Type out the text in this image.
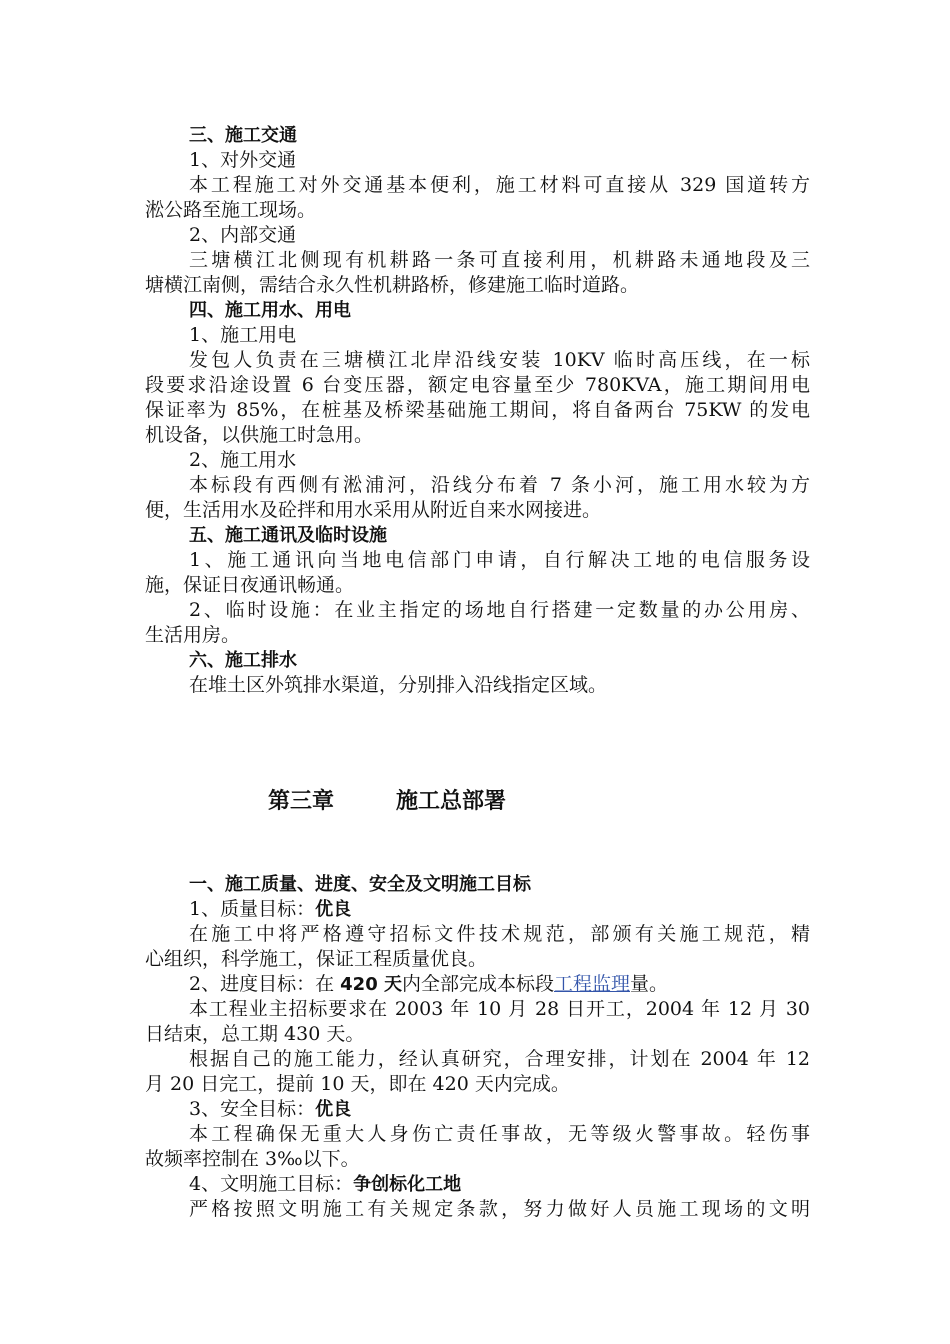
三、施工交通
1、对外交通
本工程施工对外交通基本便利，施工材料可直接从 329 国道转方
淞公路至施工现场。
2、内部交通
三塘横江北侧现有机耕路一条可直接利用，机耕路未通地段及三
塘横江南侧，需结合永久性机耕路桥，修建施工临时道路。
四、施工用水、用电
1、施工用电
发包人负责在三塘横江北岸沿线安装 10KV 临时高压线，在一标
段要求沿途设置 6 台变压器，额定电容量至少 780KVA，施工期间用电
保证率为 85%，在桩基及桥梁基础施工期间，将自备两台 75KW 的发电
机设备，以供施工时急用。
2、施工用水
本标段有西侧有淞浦河，沿线分布着 7 条小河，施工用水较为方
便，生活用水及砼拌和用水采用从附近自来水网接进。
五、施工通讯及临时设施
1、施工通讯向当地电信部门申请，自行解决工地的电信服务设
施，保证日夜通讯畅通。
2、临时设施：在业主指定的场地自行搭建一定数量的办公用房、
生活用房。
六、施工排水
在堆土区外筑排水渠道，分别排入沿线指定区域。
第三章	施工总部署
一、施工质量、进度、安全及文明施工目标
1、质量目标：优良
在施工中将严格遵守招标文件技术规范，部颁有关施工规范，精
心组织，科学施工，保证工程质量优良。
2、进度目标：在 420 天内全部完成本标段工程监理量。
本工程业主招标要求在 2003 年 10 月 28 日开工，2004 年 12 月 30
日结束，总工期 430 天。
根据自己的施工能力，经认真研究，合理安排，计划在 2004 年 12
月 20 日完工，提前 10 天，即在 420 天内完成。
3、安全目标：优良
本工程确保无重大人身伤亡责任事故，无等级火警事故。轻伤事
故频率控制在 3‰以下。
4、文明施工目标：争创标化工地
严格按照文明施工有关规定条款，努力做好人员施工现场的文明
